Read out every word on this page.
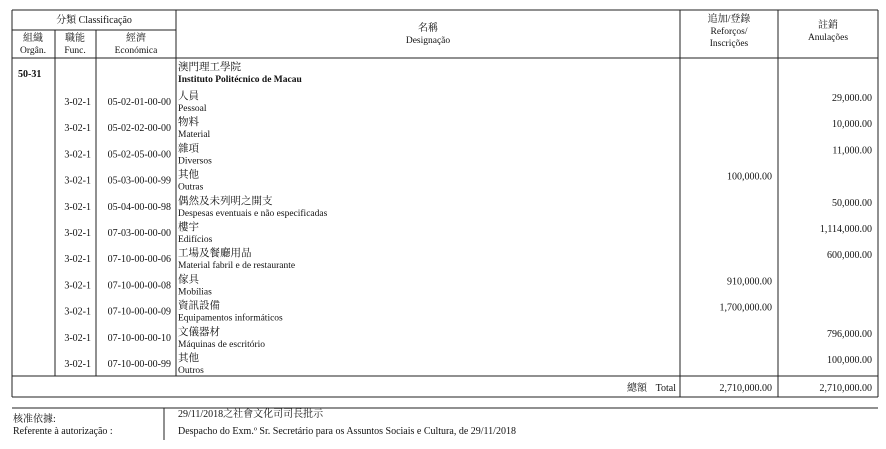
分類 Classificação
組織
Orgân.
職能
Func.
經濟
Económica
名稱
Designação
追加/登錄
Reforços/
Inscrições
註銷
Anulações
50-31
澳門理工學院
Instituto Politécnico de Macau
3-02-1 05-02-01-00-00
人員
Pessoal
29,000.00
3-02-1 05-02-02-00-00
物料
Material
10,000.00
3-02-1 05-02-05-00-00
雜項
Diversos
11,000.00
3-02-1 05-03-00-00-99
其他
Outras
100,000.00
3-02-1 05-04-00-00-98
偶然及未列明之開支
Despesas eventuais e não especificadas
50,000.00
3-02-1 07-03-00-00-00
樓宇
Edifícios
1,114,000.00
3-02-1 07-10-00-00-06
工場及餐廳用品
Material fabril e de restaurante
600,000.00
3-02-1 07-10-00-00-08
傢具
Mobílias
910,000.00
3-02-1 07-10-00-00-09
資訊設備
Equipamentos informáticos
1,700,000.00
3-02-1 07-10-00-00-10
文儀器材
Máquinas de escritório
796,000.00
3-02-1 07-10-00-00-99
其他
Outros
100,000.00
總額 Total	2,710,000.00	2,710,000.00
核准依據:
Referente à autorização :
29/11/2018之社會文化司司長批示
Despacho do Exm.º Sr. Secretário para os Assuntos Sociais e Cultura, de 29/11/2018
